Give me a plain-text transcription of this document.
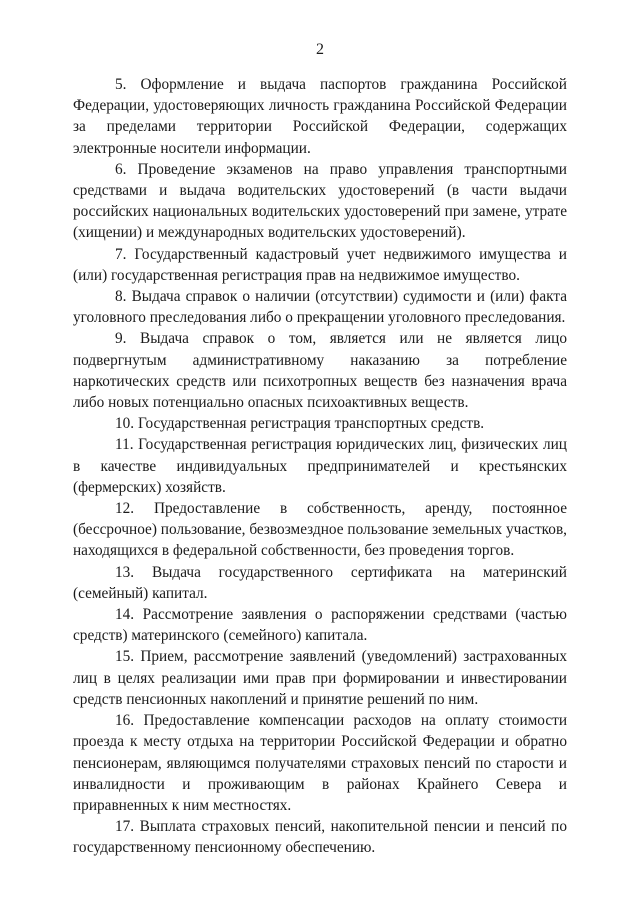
2

5. Оформление и выдача паспортов гражданина Российской Федерации, удостоверяющих личность гражданина Российской Федерации за пределами территории Российской Федерации, содержащих электронные носители информации.

6. Проведение экзаменов на право управления транспортными средствами и выдача водительских удостоверений (в части выдачи российских национальных водительских удостоверений при замене, утрате (хищении) и международных водительских удостоверений).

7. Государственный кадастровый учет недвижимого имущества и (или) государственная регистрация прав на недвижимое имущество.

8. Выдача справок о наличии (отсутствии) судимости и (или) факта уголовного преследования либо о прекращении уголовного преследования.

9. Выдача справок о том, является или не является лицо подвергнутым административному наказанию за потребление наркотических средств или психотропных веществ без назначения врача либо новых потенциально опасных психоактивных веществ.

10. Государственная регистрация транспортных средств.

11. Государственная регистрация юридических лиц, физических лиц в качестве индивидуальных предпринимателей и крестьянских (фермерских) хозяйств.

12. Предоставление в собственность, аренду, постоянное (бессрочное) пользование, безвозмездное пользование земельных участков, находящихся в федеральной собственности, без проведения торгов.

13. Выдача государственного сертификата на материнский (семейный) капитал.

14. Рассмотрение заявления о распоряжении средствами (частью средств) материнского (семейного) капитала.

15. Прием, рассмотрение заявлений (уведомлений) застрахованных лиц в целях реализации ими прав при формировании и инвестировании средств пенсионных накоплений и принятие решений по ним.

16. Предоставление компенсации расходов на оплату стоимости проезда к месту отдыха на территории Российской Федерации и обратно пенсионерам, являющимся получателями страховых пенсий по старости и инвалидности и проживающим в районах Крайнего Севера и приравненных к ним местностях.

17. Выплата страховых пенсий, накопительной пенсии и пенсий по государственному пенсионному обеспечению.
